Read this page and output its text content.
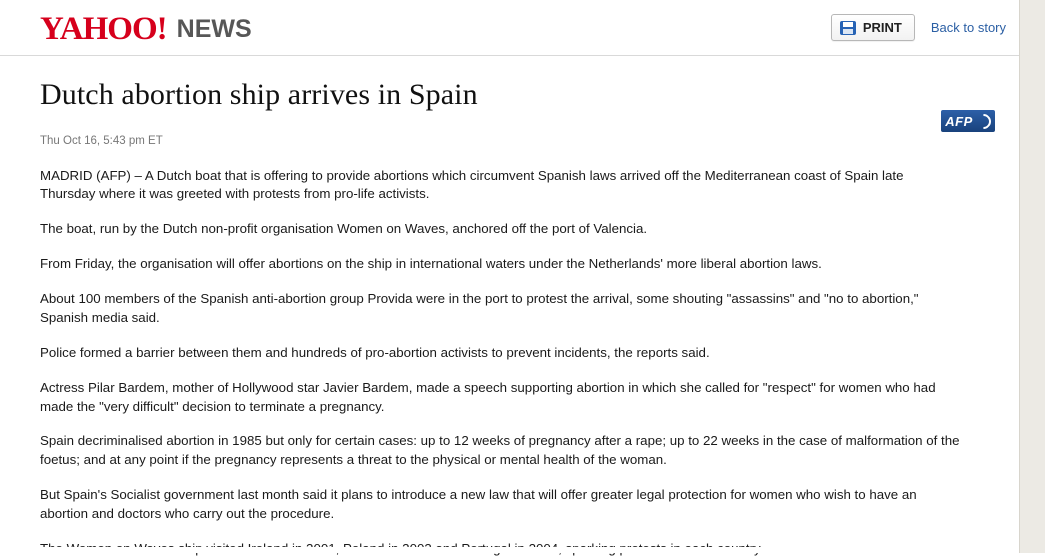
YAHOO! NEWS	PRINT Back to story
Dutch abortion ship arrives in Spain
AFP
Thu Oct 16, 5:43 pm ET

MADRID (AFP) – A Dutch boat that is offering to provide abortions which circumvent Spanish laws arrived off the Mediterranean coast of Spain late Thursday where it was greeted with protests from pro-life activists.

The boat, run by the Dutch non-profit organisation Women on Waves, anchored off the port of Valencia.

From Friday, the organisation will offer abortions on the ship in international waters under the Netherlands' more liberal abortion laws.

About 100 members of the Spanish anti-abortion group Provida were in the port to protest the arrival, some shouting "assassins" and "no to abortion," Spanish media said.

Police formed a barrier between them and hundreds of pro-abortion activists to prevent incidents, the reports said.

Actress Pilar Bardem, mother of Hollywood star Javier Bardem, made a speech supporting abortion in which she called for "respect" for women who had made the "very difficult" decision to terminate a pregnancy.

Spain decriminalised abortion in 1985 but only for certain cases: up to 12 weeks of pregnancy after a rape; up to 22 weeks in the case of malformation of the foetus; and at any point if the pregnancy represents a threat to the physical or mental health of the woman.

But Spain's Socialist government last month said it plans to introduce a new law that will offer greater legal protection for women who wish to have an abortion and doctors who carry out the procedure.
